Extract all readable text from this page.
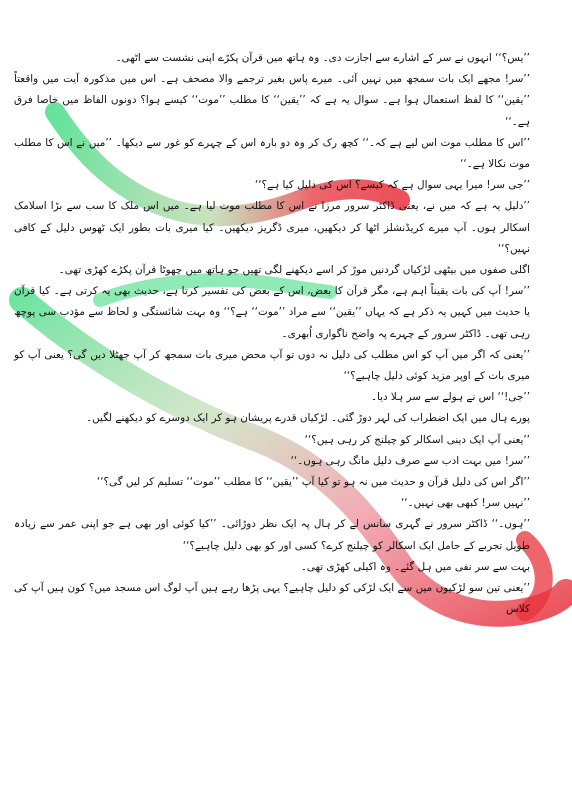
’’یس؟‘‘ انہوں نے سر کے اشارے سے اجازت دی۔ وہ ہاتھ میں قرآن پکڑے اپنی نشست سے اٹھی۔

’’سر! مجھے ایک بات سمجھ میں نہیں آئی۔ میرے پاس بغیر ترجمے والا مصحف ہے۔ اس میں مذکورہ آیت میں واقعتاً ’’یقین‘‘ کا لفظ استعمال ہوا ہے۔ سوال یہ ہے کہ ’’یقین‘‘ کا مطلب ’’موت‘‘ کیسے ہوا؟ دونوں الفاظ میں خاصا فرق ہے۔‘‘

’’اس کا مطلب موت اس لیے ہے کہ۔‘‘ کچھ رک کر وہ دو بارہ اس کے چہرے کو غور سے دیکھا۔ ’’میں نے اس کا مطلب موت نکالا ہے۔‘‘

’’جی سر! میرا یہی سوال ہے کہ کیسے؟ اس کی دلیل کیا ہے؟‘‘

’’دلیل یہ ہے کہ میں نے، یعنی ڈاکٹر سرور مرزا نے اس کا مطلب موت لیا ہے۔ میں اس ملک کا سب سے بڑا اسلامک اسکالر ہوں۔ آپ میرے کریڈنشلز اٹھا کر دیکھیں، میری ڈگریز دیکھیں۔ کیا میری بات بطور ایک ٹھوس دلیل کے کافی نہیں؟‘‘

اگلی صفوں میں بیٹھی لڑکیاں گردنیں موڑ کر اسے دیکھنے لگی تھیں جو ہاتھ میں چھوٹا قرآن پکڑے کھڑی تھی۔

’’سر! آپ کی بات یقیناً اہم ہے، مگر قرآن کا بعض، اس کے بعض کی تفسیر کرتا ہے، حدیث بھی یہ کرتی ہے۔ کیا قرآن یا حدیث میں کہیں یہ ذکر ہے کہ یہاں ’’یقین‘‘ سے مراد ’’موت‘‘ ہے؟‘‘ وہ بہت شائستگی و لحاظ سے مؤدب سی پوچھ رہی تھی۔ ڈاکٹر سرور کے چہرے پہ واضح ناگواری اُبھری۔

’’یعنی کہ اگر میں آپ کو اس مطلب کی دلیل نہ دوں تو آپ محض میری بات سمجھ کر آپ جھٹلا دیں گی؟ یعنی آپ کو میری بات کے اوپر مزید کوئی دلیل چاہیے؟‘‘

’’جی!‘‘ اس نے ہولے سے سر ہلا دیا۔

پورے ہال میں ایک اضطراب کی لہر دوڑ گئی۔ لڑکیاں قدرے پریشان ہو کر ایک دوسرے کو دیکھنے لگیں۔

’’یعنی آپ ایک دینی اسکالر کو چیلنج کر رہی ہیں؟‘‘

’’سر! میں بہت ادب سے صرف دلیل مانگ رہی ہوں۔‘‘

’’اگر اس کی دلیل قرآن و حدیث میں نہ ہو تو کیا آپ ’’یقین‘‘ کا مطلب ’’موت‘‘ تسلیم کر لیں گی؟‘‘

’’نہیں سر! کبھی بھی نہیں۔‘‘

’’ہوں۔‘‘ ڈاکٹر سرور نے گہری سانس لے کر ہال پہ ایک نظر دوڑائی۔ ’’کیا کوئی اور بھی ہے جو اپنی عمر سے زیادہ طویل تجربے کے حامل ایک اسکالر کو چیلنج کرے؟ کسی اور کو بھی دلیل چاہیے؟‘‘

بہت سے سر نفی میں ہل گئے۔ وہ اکیلی کھڑی تھی۔

’’یعنی تین سو لڑکیوں میں سے ایک لڑکی کو دلیل چاہیے؟ یہی پڑھا رہے ہیں آپ لوگ اس مسجد میں؟ کون ہیں آپ کی کلاس
